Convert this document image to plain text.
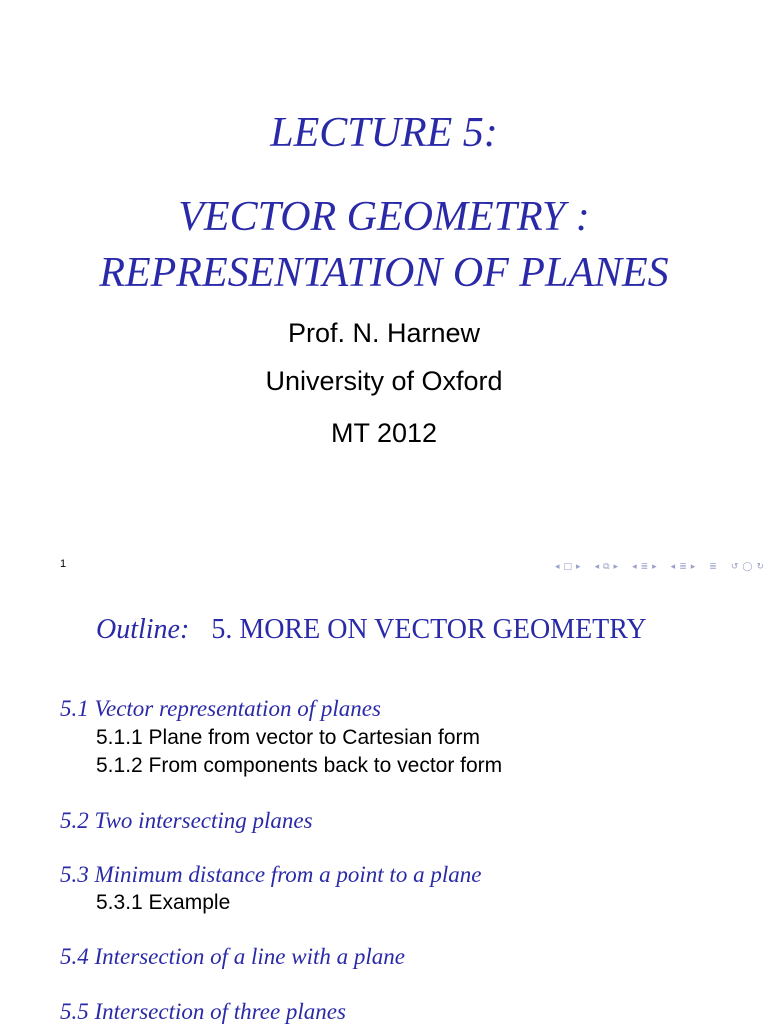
LECTURE 5:
VECTOR GEOMETRY :
REPRESENTATION OF PLANES
Prof. N. Harnew
University of Oxford
MT 2012
1	◂ □ ▸ ◂ ⧉ ▸ ◂ ≣ ▸ ◂ ≣ ▸ ≣ ↺ ◯ ↻
Outline: 5. MORE ON VECTOR GEOMETRY
5.1 Vector representation of planes
5.1.1 Plane from vector to Cartesian form
5.1.2 From components back to vector form
5.2 Two intersecting planes
5.3 Minimum distance from a point to a plane
5.3.1 Example
5.4 Intersection of a line with a plane
5.5 Intersection of three planes
